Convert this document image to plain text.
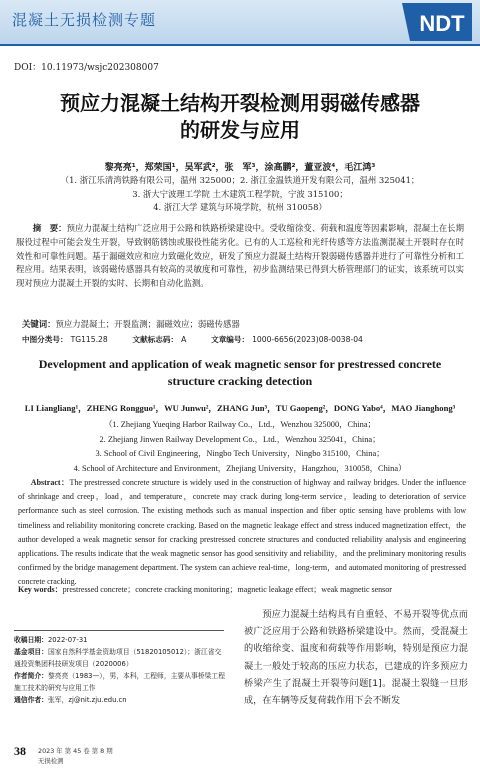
混凝土无损检测专题	NDT
DOI：10.11973/wsjc202308007
预应力混凝土结构开裂检测用弱磁传感器
的研发与应用
黎亮亮¹，郑荣国¹，吴军武²，张　军³，涂高鹏²，董亚波⁴，毛江鸿³
（1. 浙江乐清湾铁路有限公司，温州 325000；2. 浙江金温铁道开发有限公司，温州 325041；
3. 浙大宁波理工学院 土木建筑工程学院，宁波 315100；
4. 浙江大学 建筑与环境学院，杭州 310058）
摘　要：预应力混凝土结构广泛应用于公路和铁路桥梁建设中。受收缩徐变、荷载和温度等因素影响，混凝土在长期服役过程中可能会发生开裂，导致钢筋锈蚀或服役性能劣化。已有的人工巡检和光纤传感等方法监测混凝土开裂时存在时效性和可靠性问题。基于漏磁效应和应力致磁化效应，研发了预应力混凝土结构开裂弱磁传感器并进行了可靠性分析和工程应用。结果表明，该弱磁传感器具有较高的灵敏度和可靠性，初步监测结果已得到大桥管理部门的证实，该系统可以实现对预应力混凝土开裂的实时、长期和自动化监测。
关键词：预应力混凝土；开裂监测；漏磁效应；弱磁传感器
中图分类号： TG115.28	文献标志码： A	文章编号： 1000-6656(2023)08-0038-04
Development and application of weak magnetic sensor for prestressed concrete
structure cracking detection
LI Liangliang¹，ZHENG Rongguo¹，WU Junwu²，ZHANG Jun³，TU Gaopeng²，DONG Yabo⁴，MAO Jianghong³
（1. Zhejiang Yueqing Harbor Railway Co.，Ltd.，Wenzhou 325000，China；
2. Zhejiang Jinwen Railway Development Co.，Ltd.，Wenzhou 325041，China；
3. School of Civil Engineering，Ningbo Tech University，Ningbo 315100，China；
4. School of Architecture and Environment，Zhejiang University，Hangzhou，310058，China）
Abstract：The prestressed concrete structure is widely used in the construction of highway and railway bridges. Under the influence of shrinkage and creep，load，and temperature，concrete may crack during long-term service，leading to deterioration of service performance such as steel corrosion. The existing methods such as manual inspection and fiber optic sensing have problems with low timeliness and reliability monitoring concrete cracking. Based on the magnetic leakage effect and stress induced magnetization effect，the author developed a weak magnetic sensor for cracking prestressed concrete structures and conducted reliability analysis and engineering applications. The results indicate that the weak magnetic sensor has good sensitivity and reliability，and the preliminary monitoring results confirmed by the bridge management department. The system can achieve real-time，long-term，and automated monitoring of prestressed concrete cracking.
Key words：prestressed concrete；concrete cracking monitoring；magnetic leakage effect；weak magnetic sensor
收稿日期：2022-07-31
基金项目：国家自然科学基金资助项目（51820105012）；浙江省交通投资集团科技研发项目（2020006）
作者简介：黎亮亮（1983—），男，本科，工程师，主要从事桥梁工程施工技术的研究与应用工作
通信作者：张军，zj@nit.zju.edu.cn
预应力混凝土结构具有自重轻、不易开裂等优点而被广泛应用于公路和铁路桥梁建设中。然而，受混凝土的收缩徐变、温度和荷载等作用影响，特别是预应力混凝土一般处于较高的压应力状态，已建成的许多预应力桥梁产生了混凝土开裂等问题[1]。混凝土裂缝一旦形成，在车辆等反复荷载作用下会不断发
38 2023 年 第 45 卷 第 8 期
无损检测
